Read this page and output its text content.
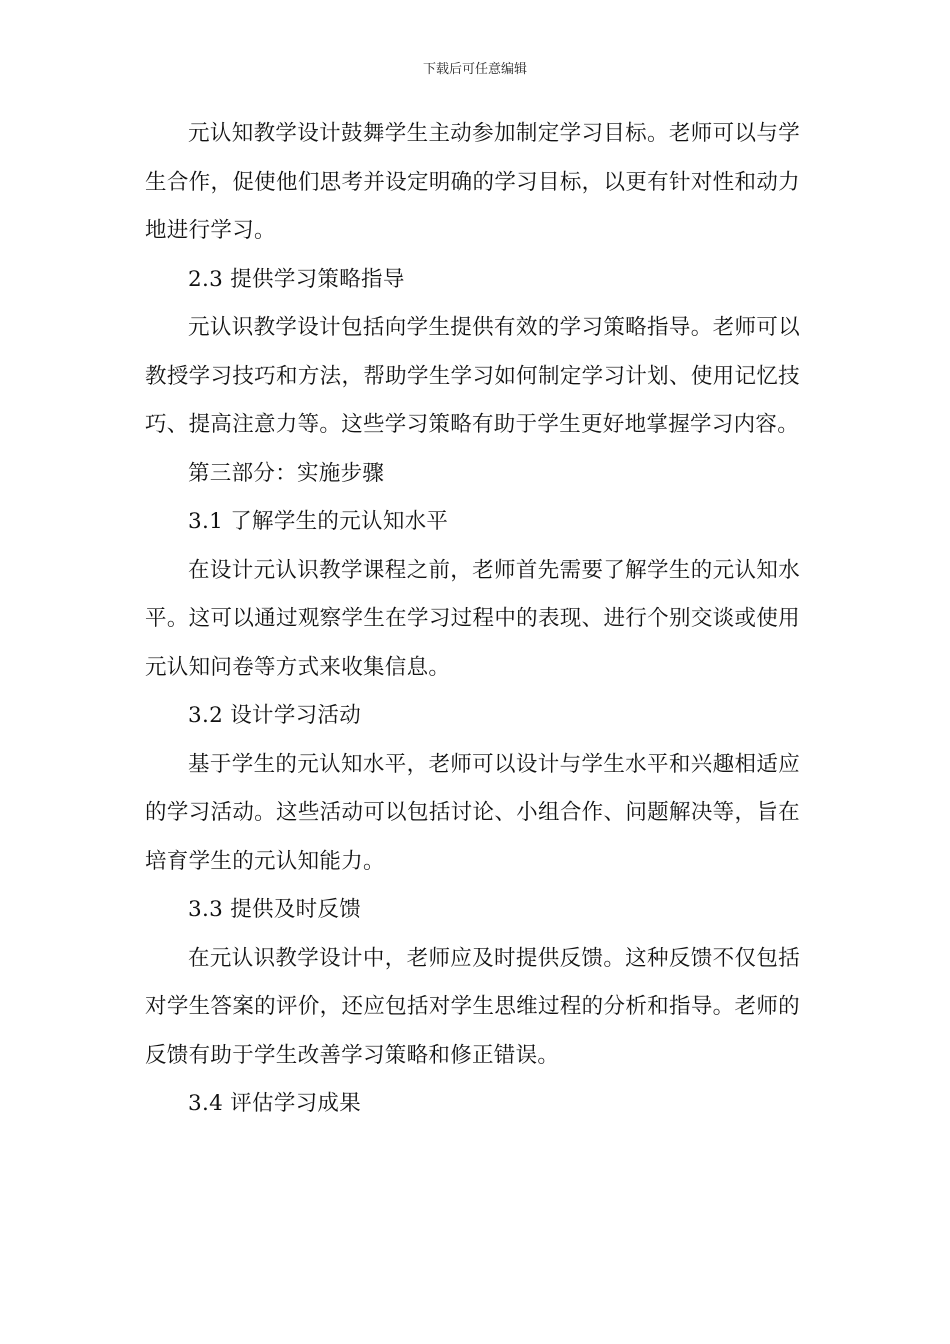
下载后可任意编辑

元认知教学设计鼓舞学生主动参加制定学习目标。老师可以与学生合作，促使他们思考并设定明确的学习目标，以更有针对性和动力地进行学习。

2.3 提供学习策略指导

元认识教学设计包括向学生提供有效的学习策略指导。老师可以教授学习技巧和方法，帮助学生学习如何制定学习计划、使用记忆技巧、提高注意力等。这些学习策略有助于学生更好地掌握学习内容。

第三部分：实施步骤

3.1 了解学生的元认知水平

在设计元认识教学课程之前，老师首先需要了解学生的元认知水平。这可以通过观察学生在学习过程中的表现、进行个别交谈或使用元认知问卷等方式来收集信息。

3.2 设计学习活动

基于学生的元认知水平，老师可以设计与学生水平和兴趣相适应的学习活动。这些活动可以包括讨论、小组合作、问题解决等，旨在培育学生的元认知能力。

3.3 提供及时反馈

在元认识教学设计中，老师应及时提供反馈。这种反馈不仅包括对学生答案的评价，还应包括对学生思维过程的分析和指导。老师的反馈有助于学生改善学习策略和修正错误。

3.4 评估学习成果
